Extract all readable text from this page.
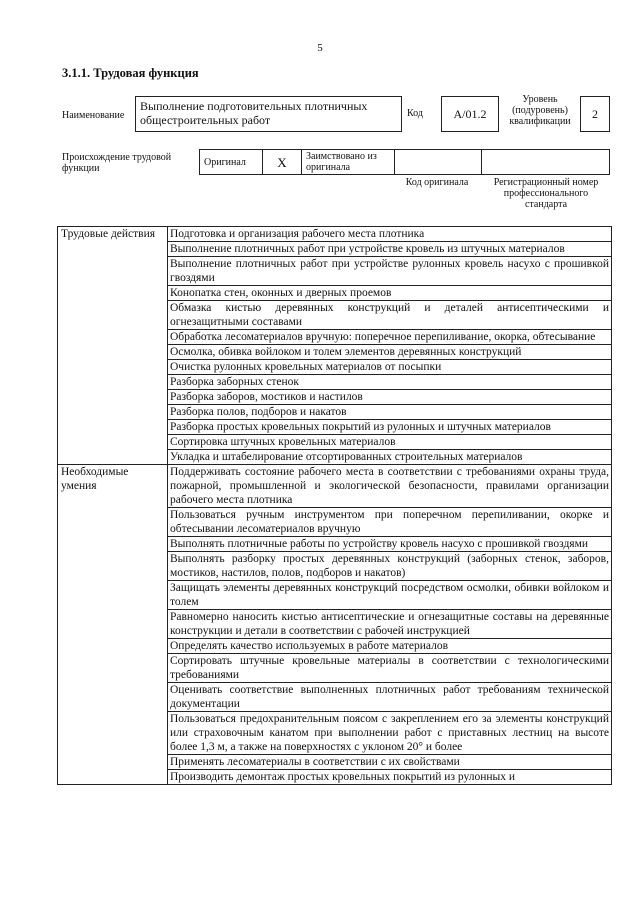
5
3.1.1. Трудовая функция
Наименование
Выполнение подготовительных плотничных общестроительных работ	Код	A/01.2
Уровень (подуровень) квалификации
2
Происхождение трудовой функции
Оригинал	X	Заимствовано из оригинала		
Код оригинала	Регистрационный номер профессионального стандарта
Трудовые действия	Подготовка и организация рабочего места плотника
	Выполнение плотничных работ при устройстве кровель из штучных материалов
	Выполнение плотничных работ при устройстве рулонных кровель насухо с прошивкой гвоздями
	Конопатка стен, оконных и дверных проемов
	Обмазка кистью деревянных конструкций и деталей антисептическими и огнезащитными составами
	Обработка лесоматериалов вручную: поперечное перепиливание, окорка, обтесывание
	Осмолка, обивка войлоком и толем элементов деревянных конструкций
	Очистка рулонных кровельных материалов от посыпки
	Разборка заборных стенок
	Разборка заборов, мостиков и настилов
	Разборка полов, подборов и накатов
	Разборка простых кровельных покрытий из рулонных и штучных материалов
	Сортировка штучных кровельных материалов
	Укладка и штабелирование отсортированных строительных материалов
Необходимые умения	Поддерживать состояние рабочего места в соответствии с требованиями охраны труда, пожарной, промышленной и экологической безопасности, правилами организации рабочего места плотника
	Пользоваться ручным инструментом при поперечном перепиливании, окорке и обтесывании лесоматериалов вручную
	Выполнять плотничные работы по устройству кровель насухо с прошивкой гвоздями
	Выполнять разборку простых деревянных конструкций (заборных стенок, заборов, мостиков, настилов, полов, подборов и накатов)
	Защищать элементы деревянных конструкций посредством осмолки, обивки войлоком и толем
	Равномерно наносить кистью антисептические и огнезащитные составы на деревянные конструкции и детали в соответствии с рабочей инструкцией
	Определять качество используемых в работе материалов
	Сортировать штучные кровельные материалы в соответствии с технологическими требованиями
	Оценивать соответствие выполненных плотничных работ требованиям технической документации
	Пользоваться предохранительным поясом с закреплением его за элементы конструкций или страховочным канатом при выполнении работ с приставных лестниц на высоте более 1,3 м, а также на поверхностях с уклоном 20° и более
	Применять лесоматериалы в соответствии с их свойствами
	Производить демонтаж простых кровельных покрытий из рулонных и
